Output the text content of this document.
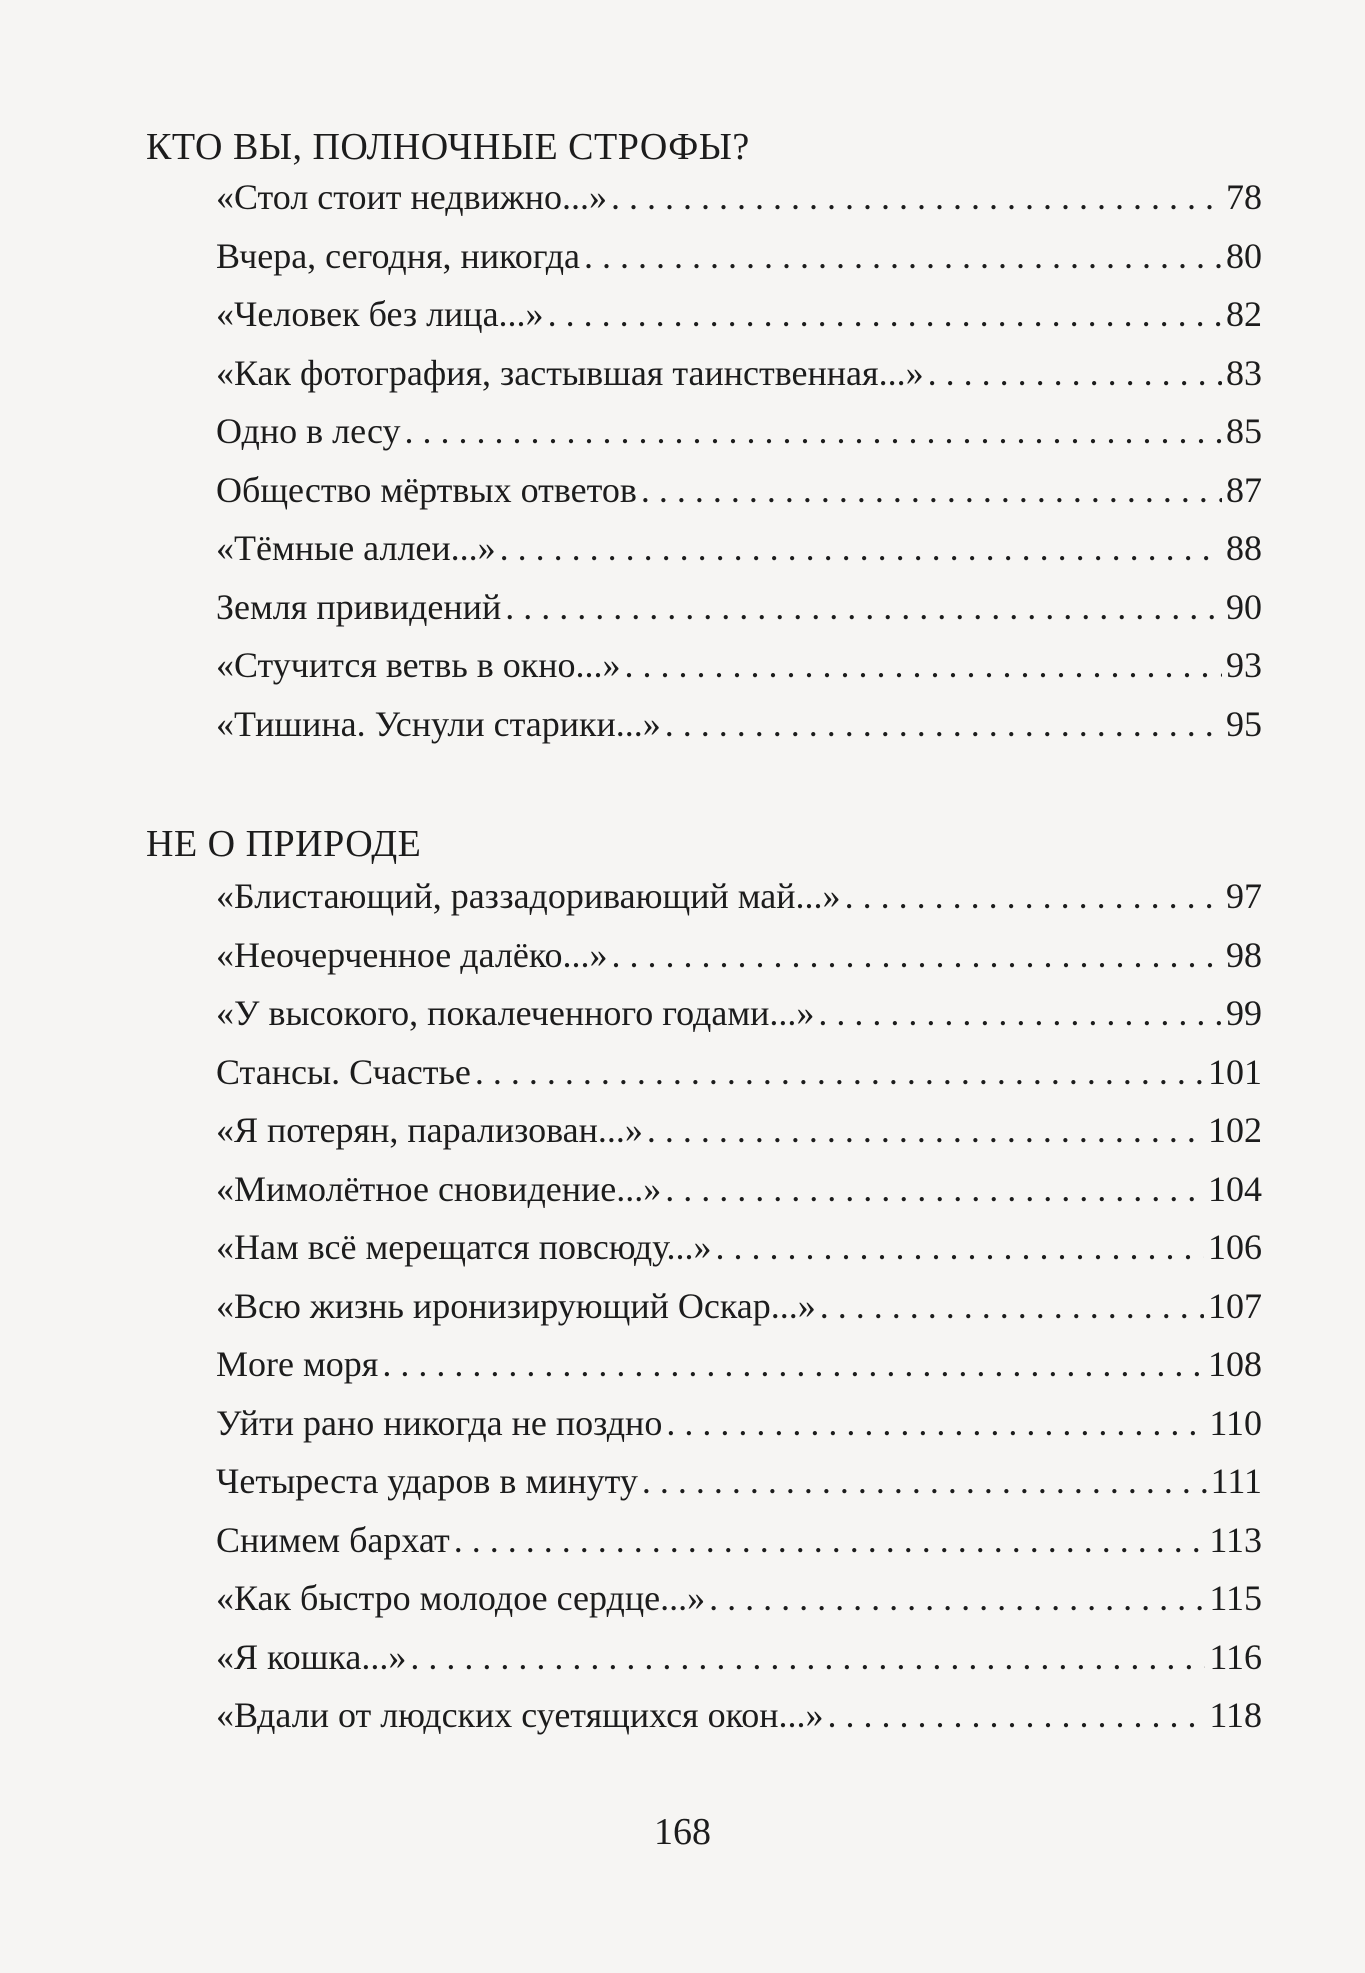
КТО ВЫ, ПОЛНОЧНЫЕ СТРОФЫ?
«Стол стоит недвижно...» . . .	78
Вчера, сегодня, никогда . . .	80
«Человек без лица...» . . .	82
«Как фотография, застывшая таинственная...» . . .	83
Одно в лесу . . .	85
Общество мёртвых ответов . . .	87
«Тёмные аллеи...» . . .	88
Земля привидений . . .	90
«Стучится ветвь в окно...» . . .	93
«Тишина. Уснули старики...» . . .	95
НЕ О ПРИРОДЕ
«Блистающий, раззадоривающий май...» . . .	97
«Неочерченное далёко...» . . .	98
«У высокого, покалеченного годами...» . . .	99
Стансы. Счастье . . .	101
«Я потерян, парализован...» . . .	102
«Мимолётное сновидение...» . . .	104
«Нам всё мерещатся повсюду...» . . .	106
«Всю жизнь иронизирующий Оскар...» . . .	107
More моря . . .	108
Уйти рано никогда не поздно . . .	110
Четыреста ударов в минуту . . .	111
Снимем бархат . . .	113
«Как быстро молодое сердце...» . . .	115
«Я кошка...» . . .	116
«Вдали от людских суетящихся окон...» . . .	118
168
